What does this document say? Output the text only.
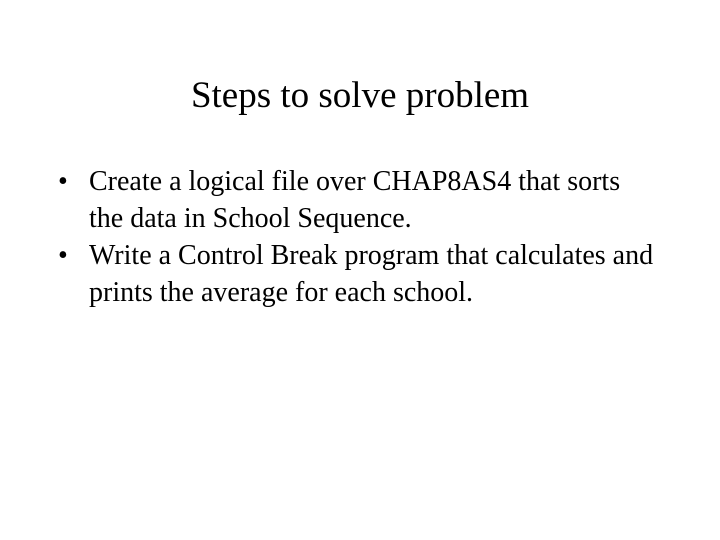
Steps to solve problem
• Create a logical file over CHAP8AS4 that sorts the data in School Sequence.
• Write a Control Break program that calculates and prints the average for each school.
